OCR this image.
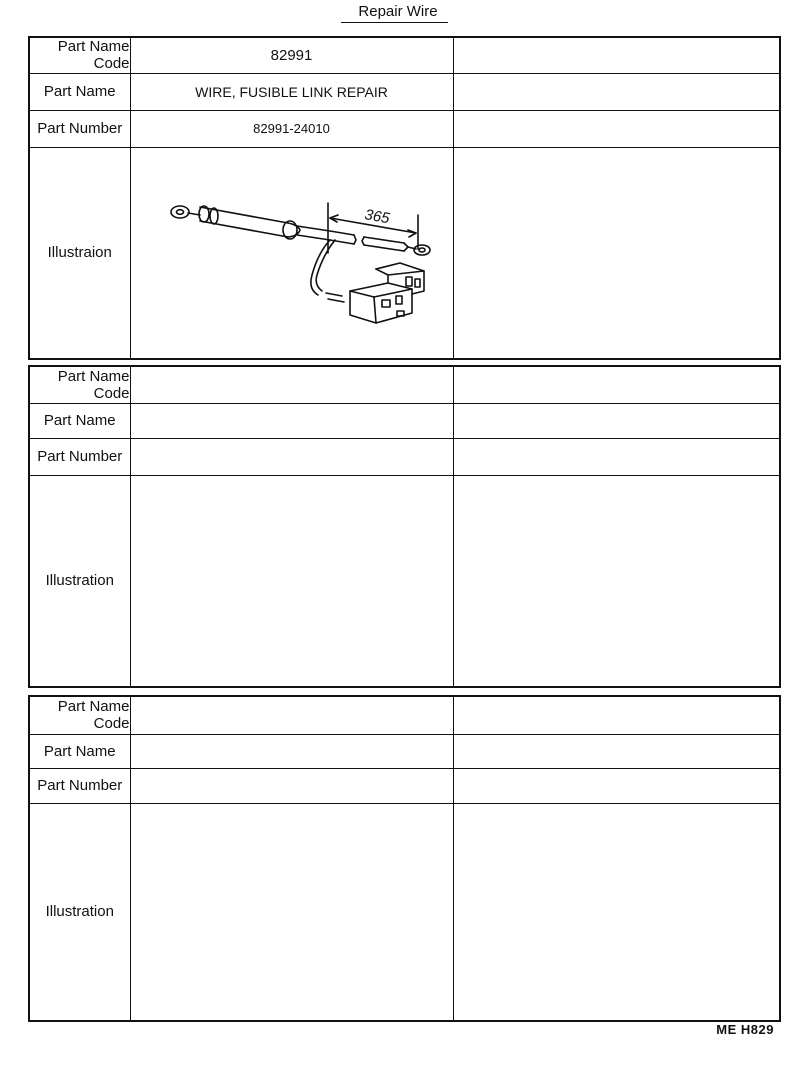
Repair Wire
Part Name
Code	82991	
Part Name	WIRE, FUSIBLE LINK REPAIR	
Part Number	82991-24010	
Illustraion	365	

Part Name
Code		

Part Name		
Part Number		
Illustration		
Part Name
Code		

Part Name		
Part Number		
Illustration		
ME H829
